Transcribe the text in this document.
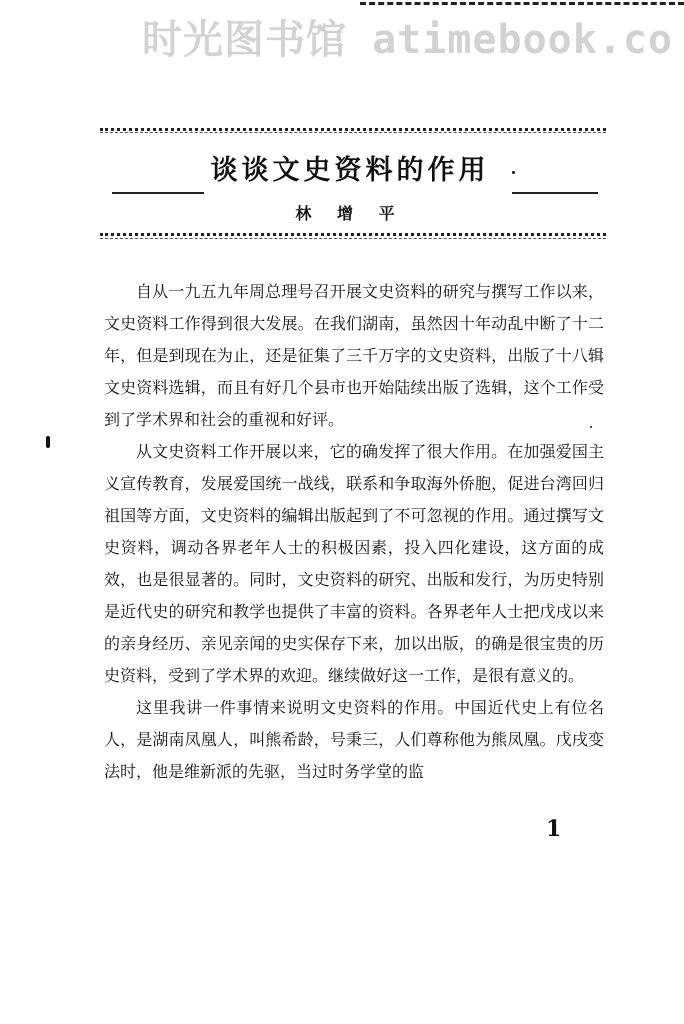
时光图书馆 atimebook.co
谈谈文史资料的作用
林 增 平

自从一九五九年周总理号召开展文史资料的研究与撰写工作以来，文史资料工作得到很大发展。在我们湖南，虽然因十年动乱中断了十二年，但是到现在为止，还是征集了三千万字的文史资料，出版了十八辑文史资料选辑，而且有好几个县市也开始陆续出版了选辑，这个工作受到了学术界和社会的重视和好评。

从文史资料工作开展以来，它的确发挥了很大作用。在加强爱国主义宣传教育，发展爱国统一战线，联系和争取海外侨胞，促进台湾回归祖国等方面，文史资料的编辑出版起到了不可忽视的作用。通过撰写文史资料，调动各界老年人士的积极因素，投入四化建设，这方面的成效，也是很显著的。同时，文史资料的研究、出版和发行，为历史特别是近代史的研究和教学也提供了丰富的资料。各界老年人士把戊戌以来的亲身经历、亲见亲闻的史实保存下来，加以出版，的确是很宝贵的历史资料，受到了学术界的欢迎。继续做好这一工作，是很有意义的。

这里我讲一件事情来说明文史资料的作用。中国近代史上有位名人，是湖南凤凰人，叫熊希龄，号秉三，人们尊称他为熊凤凰。戊戌变法时，他是维新派的先驱，当过时务学堂的监

1
